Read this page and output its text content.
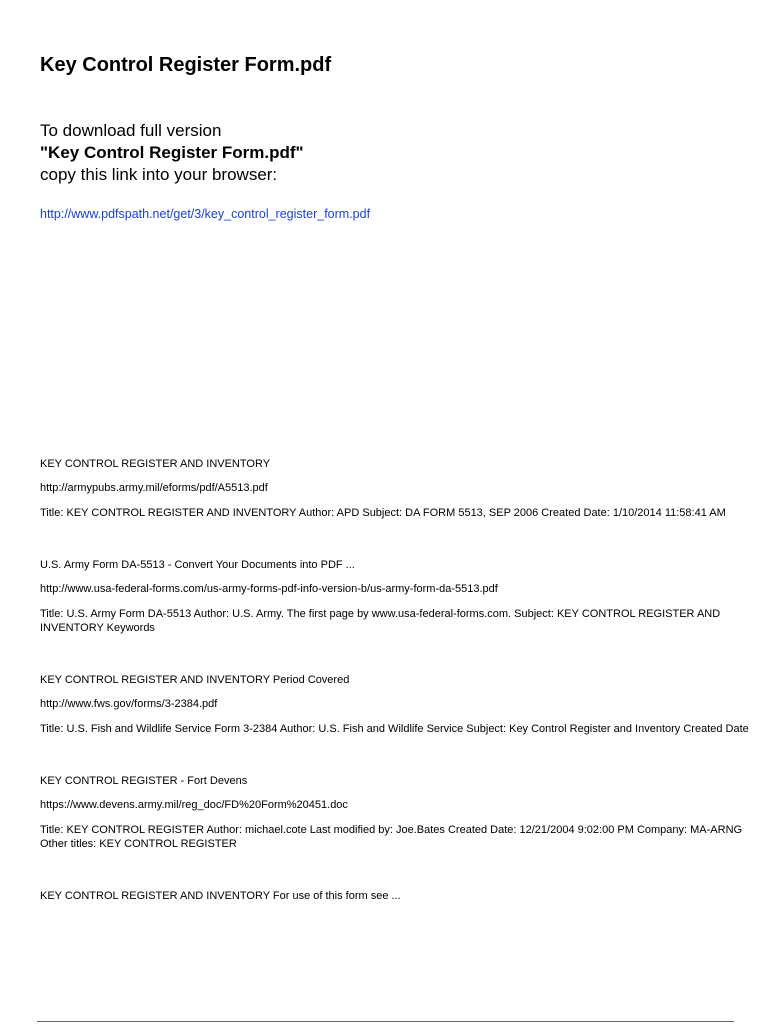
Key Control Register Form.pdf
To download full version
"Key Control Register Form.pdf"
copy this link into your browser:
http://www.pdfspath.net/get/3/key_control_register_form.pdf
KEY CONTROL REGISTER AND INVENTORY
http://armypubs.army.mil/eforms/pdf/A5513.pdf
Title: KEY CONTROL REGISTER AND INVENTORY Author: APD Subject: DA FORM 5513, SEP 2006 Created Date: 1/10/2014 11:58:41 AM
U.S. Army Form DA-5513 - Convert Your Documents into PDF ...
http://www.usa-federal-forms.com/us-army-forms-pdf-info-version-b/us-army-form-da-5513.pdf
Title: U.S. Army Form DA-5513 Author: U.S. Army. The first page by www.usa-federal-forms.com. Subject: KEY CONTROL REGISTER AND INVENTORY Keywords
KEY CONTROL REGISTER AND INVENTORY Period Covered
http://www.fws.gov/forms/3-2384.pdf
Title: U.S. Fish and Wildlife Service Form 3-2384 Author: U.S. Fish and Wildlife Service Subject: Key Control Register and Inventory Created Date
KEY CONTROL REGISTER - Fort Devens
https://www.devens.army.mil/reg_doc/FD%20Form%20451.doc
Title: KEY CONTROL REGISTER Author: michael.cote Last modified by: Joe.Bates Created Date: 12/21/2004 9:02:00 PM Company: MA-ARNG Other titles: KEY CONTROL REGISTER
KEY CONTROL REGISTER AND INVENTORY For use of this form see ...
